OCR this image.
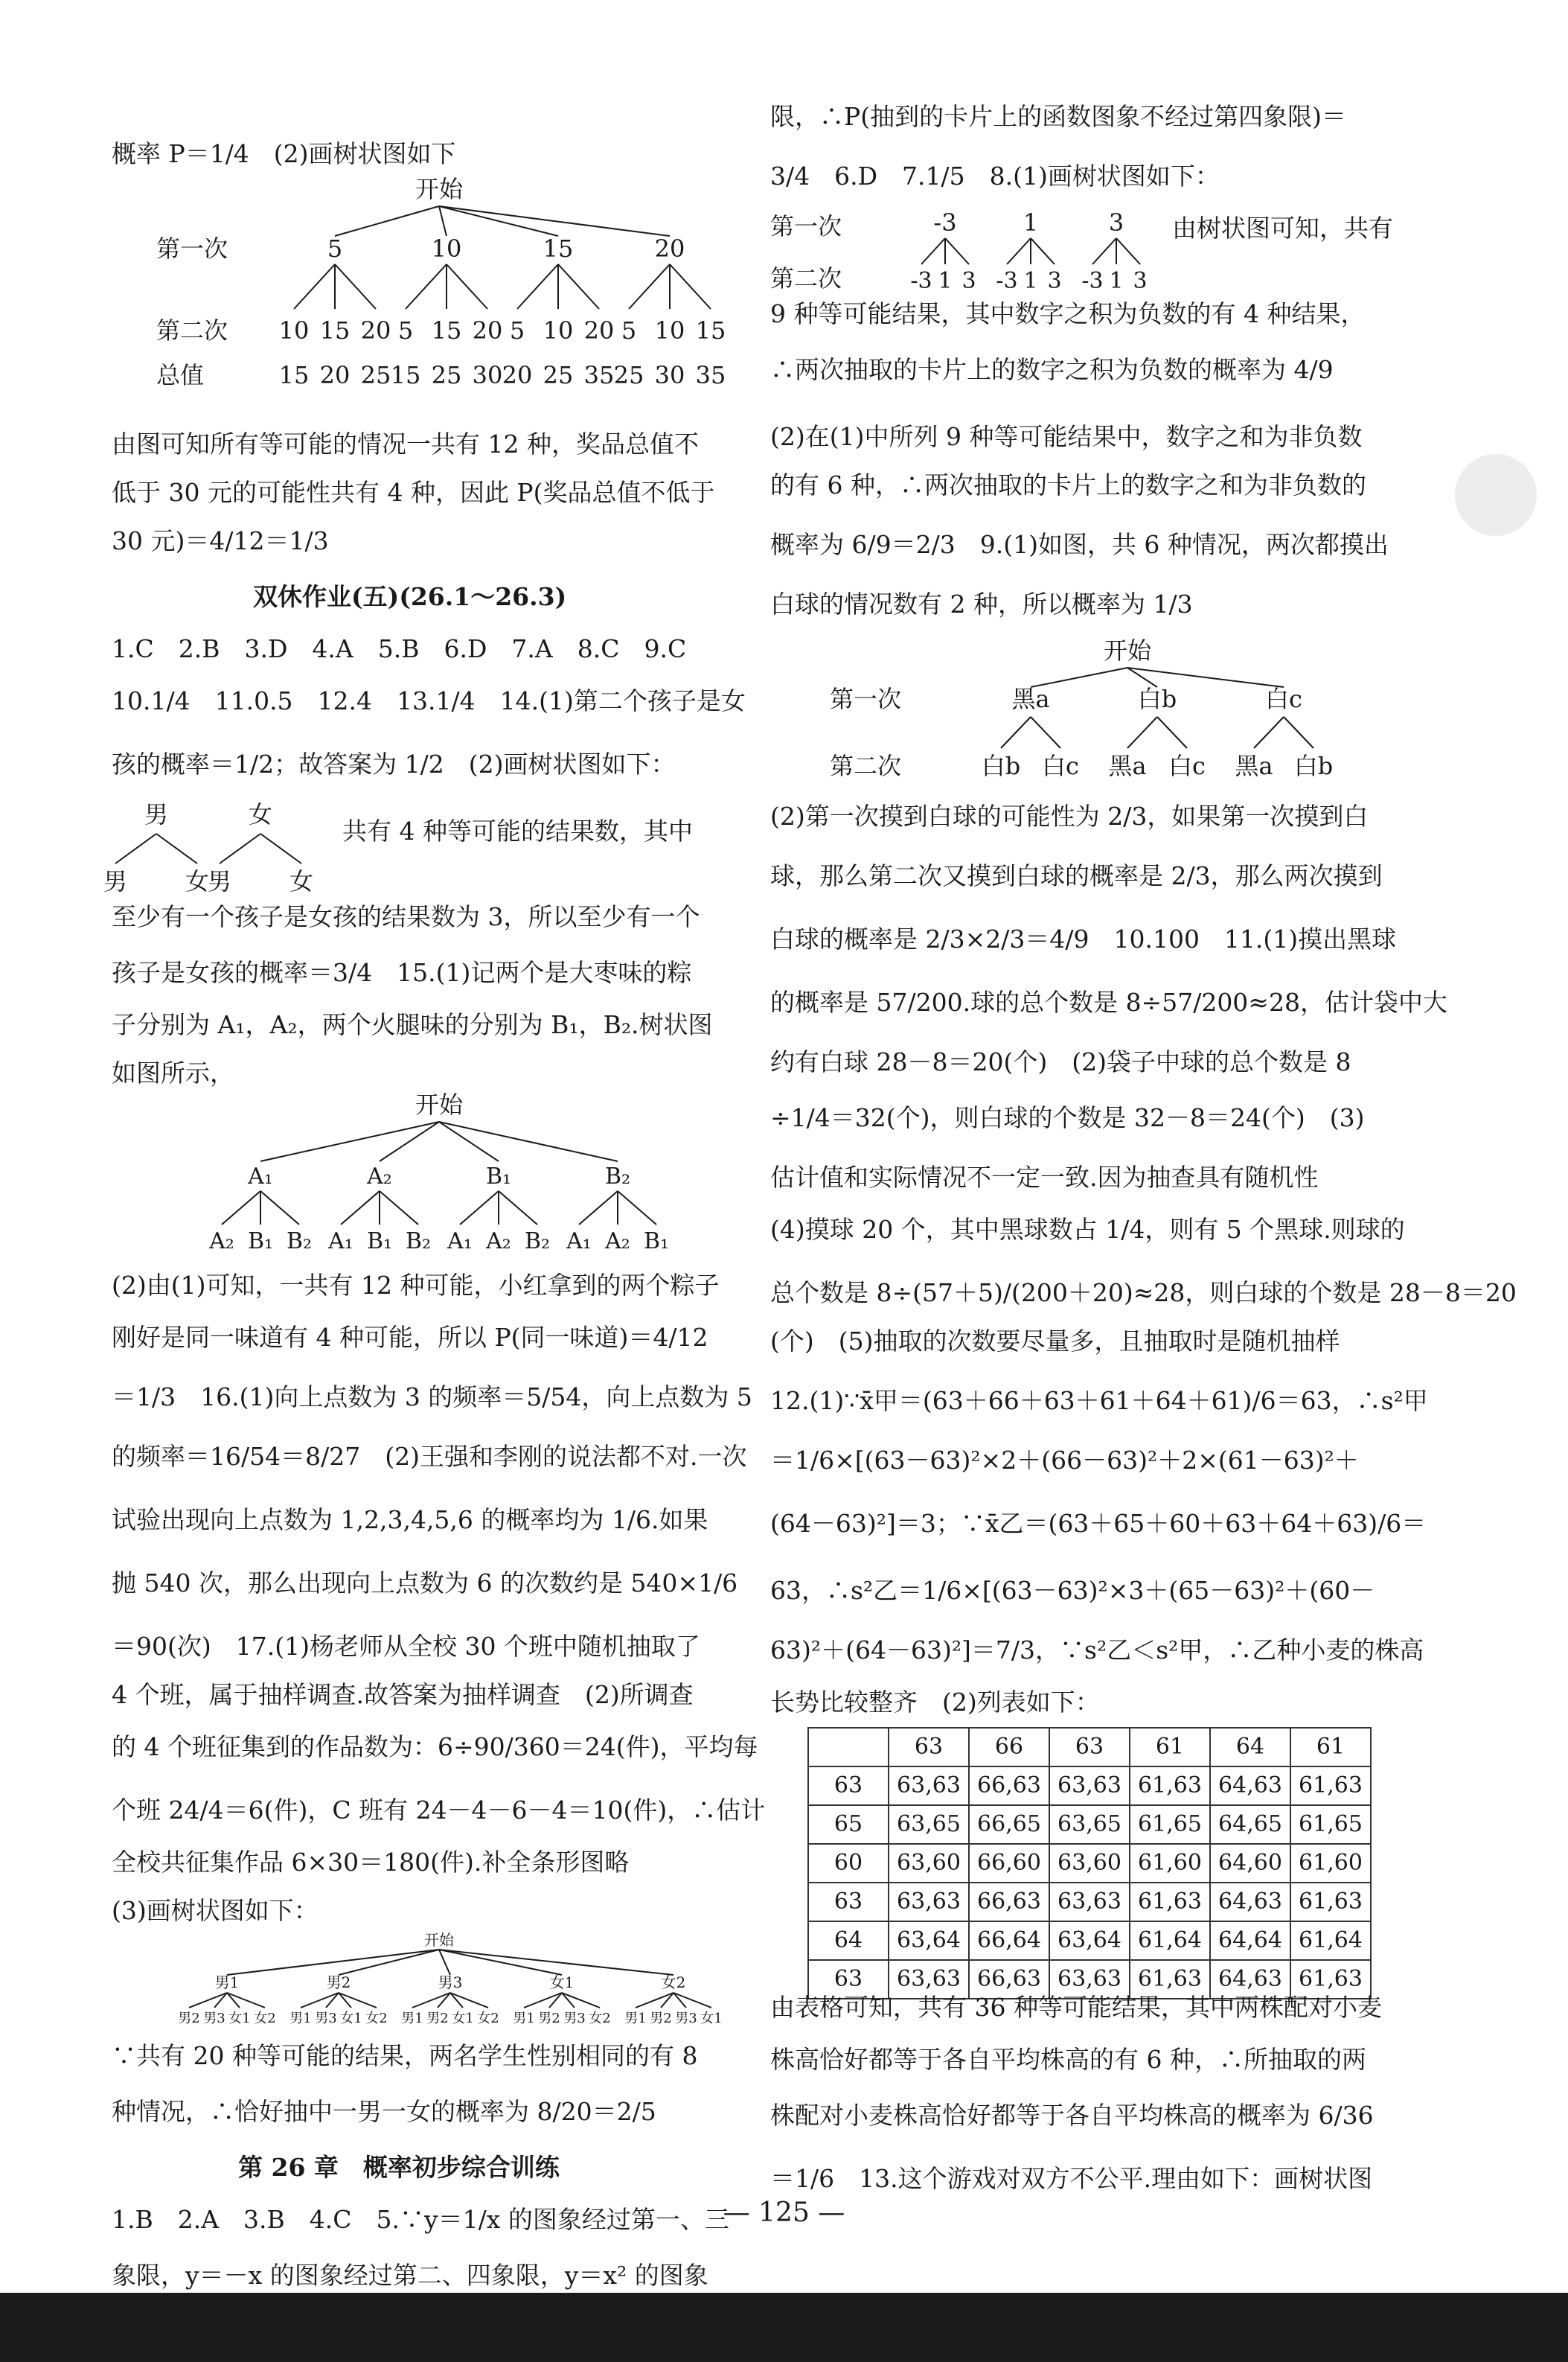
概率 P＝1/4　(2)画树状图如下
开始
第一次
第二次
总值
5	10	15	20
10
15
15
20
20
25
5
15
15
25
20
30
5
20
10
25
20
35
5
25
10
30
15
35
由图可知所有等可能的情况一共有 12 种，奖品总值不
低于 30 元的可能性共有 4 种，因此 P(奖品总值不低于
30 元)＝4/12＝1/3
双休作业(五)(26.1～26.3)
1.C　2.B　3.D　4.A　5.B　6.D　7.A　8.C　9.C
10.1/4　11.0.5　12.4　13.1/4　14.(1)第二个孩子是女
孩的概率＝1/2；故答案为 1/2　(2)画树状图如下：
男	女
男 女
男 女
共有 4 种等可能的结果数，其中
至少有一个孩子是女孩的结果数为 3，所以至少有一个
孩子是女孩的概率＝3/4　15.(1)记两个是大枣味的粽
子分别为 A₁，A₂，两个火腿味的分别为 B₁，B₂.树状图
如图所示，
开始
A₁	A₂	B₁	B₂
A₂ B₁ B₂ A₁ B₁ B₂ A₁ A₂ B₂ A₁ A₂ B₁
(2)由(1)可知，一共有 12 种可能，小红拿到的两个粽子
刚好是同一味道有 4 种可能，所以 P(同一味道)＝4/12
＝1/3　16.(1)向上点数为 3 的频率＝5/54，向上点数为 5
的频率＝16/54＝8/27　(2)王强和李刚的说法都不对.一次
试验出现向上点数为 1,2,3,4,5,6 的概率均为 1/6.如果
抛 540 次，那么出现向上点数为 6 的次数约是 540×1/6
＝90(次)　17.(1)杨老师从全校 30 个班中随机抽取了
4 个班，属于抽样调查.故答案为抽样调查　(2)所调查
的 4 个班征集到的作品数为：6÷90/360＝24(件)，平均每
个班 24/4＝6(件)，C 班有 24－4－6－4＝10(件)，∴估计
全校共征集作品 6×30＝180(件).补全条形图略
(3)画树状图如下：
开始
男1	男2	男3	女1	女2
男2 男3 女1 女2 男1 男3 女1 女2 男1 男2 女1 女2 男1 男2 男3 女2 男1 男2 男3 女1
∵共有 20 种等可能的结果，两名学生性别相同的有 8
种情况，∴恰好抽中一男一女的概率为 8/20＝2/5
第 26 章　概率初步综合训练
1.B　2.A　3.B　4.C　5.∵y＝1/x 的图象经过第一、三
象限，y＝－x 的图象经过第二、四象限，y＝x² 的图象
限，∴P(抽到的卡片上的函数图象不经过第四象限)＝
3/4　6.D　7.1/5　8.(1)画树状图如下：
第一次
第二次
-3	1	3
-3 1 3 -3 1 3 -3 1 3
由树状图可知，共有
9 种等可能结果，其中数字之积为负数的有 4 种结果，
∴两次抽取的卡片上的数字之积为负数的概率为 4/9
(2)在(1)中所列 9 种等可能结果中，数字之和为非负数
的有 6 种，∴两次抽取的卡片上的数字之和为非负数的
概率为 6/9＝2/3　9.(1)如图，共 6 种情况，两次都摸出
白球的情况数有 2 种，所以概率为 1/3
开始
第一次
第二次
黑a	白b	白c
白b 白c 黑a 白c 黑a 白b
(2)第一次摸到白球的可能性为 2/3，如果第一次摸到白
球，那么第二次又摸到白球的概率是 2/3，那么两次摸到
白球的概率是 2/3×2/3＝4/9　10.100　11.(1)摸出黑球
的概率是 57/200.球的总个数是 8÷57/200≈28，估计袋中大
约有白球 28－8＝20(个)　(2)袋子中球的总个数是 8
÷1/4＝32(个)，则白球的个数是 32－8＝24(个)　(3)
估计值和实际情况不一定一致.因为抽查具有随机性
(4)摸球 20 个，其中黑球数占 1/4，则有 5 个黑球.则球的
总个数是 8÷(57＋5)/(200＋20)≈28，则白球的个数是 28－8＝20
(个)　(5)抽取的次数要尽量多，且抽取时是随机抽样
12.(1)∵x̄甲＝(63＋66＋63＋61＋64＋61)/6＝63，∴s²甲
＝1/6×[(63－63)²×2＋(66－63)²＋2×(61－63)²＋
(64－63)²]＝3；∵x̄乙＝(63＋65＋60＋63＋64＋63)/6＝
63，∴s²乙＝1/6×[(63－63)²×3＋(65－63)²＋(60－
63)²＋(64－63)²]＝7/3，∵s²乙＜s²甲，∴乙种小麦的株高
长势比较整齐　(2)列表如下：
	63	66	63	61	64	61
63	63,63	66,63	63,63	61,63	64,63	61,63
65	63,65	66,65	63,65	61,65	64,65	61,65
60	63,60	66,60	63,60	61,60	64,60	61,60
63	63,63	66,63	63,63	61,63	64,63	61,63
64	63,64	66,64	63,64	61,64	64,64	61,64
63	63,63	66,63	63,63	61,63	64,63	61,63
由表格可知，共有 36 种等可能结果，其中两株配对小麦
株高恰好都等于各自平均株高的有 6 种，∴所抽取的两
株配对小麦株高恰好都等于各自平均株高的概率为 6/36
＝1/6　13.这个游戏对双方不公平.理由如下：画树状图
— 125 —
